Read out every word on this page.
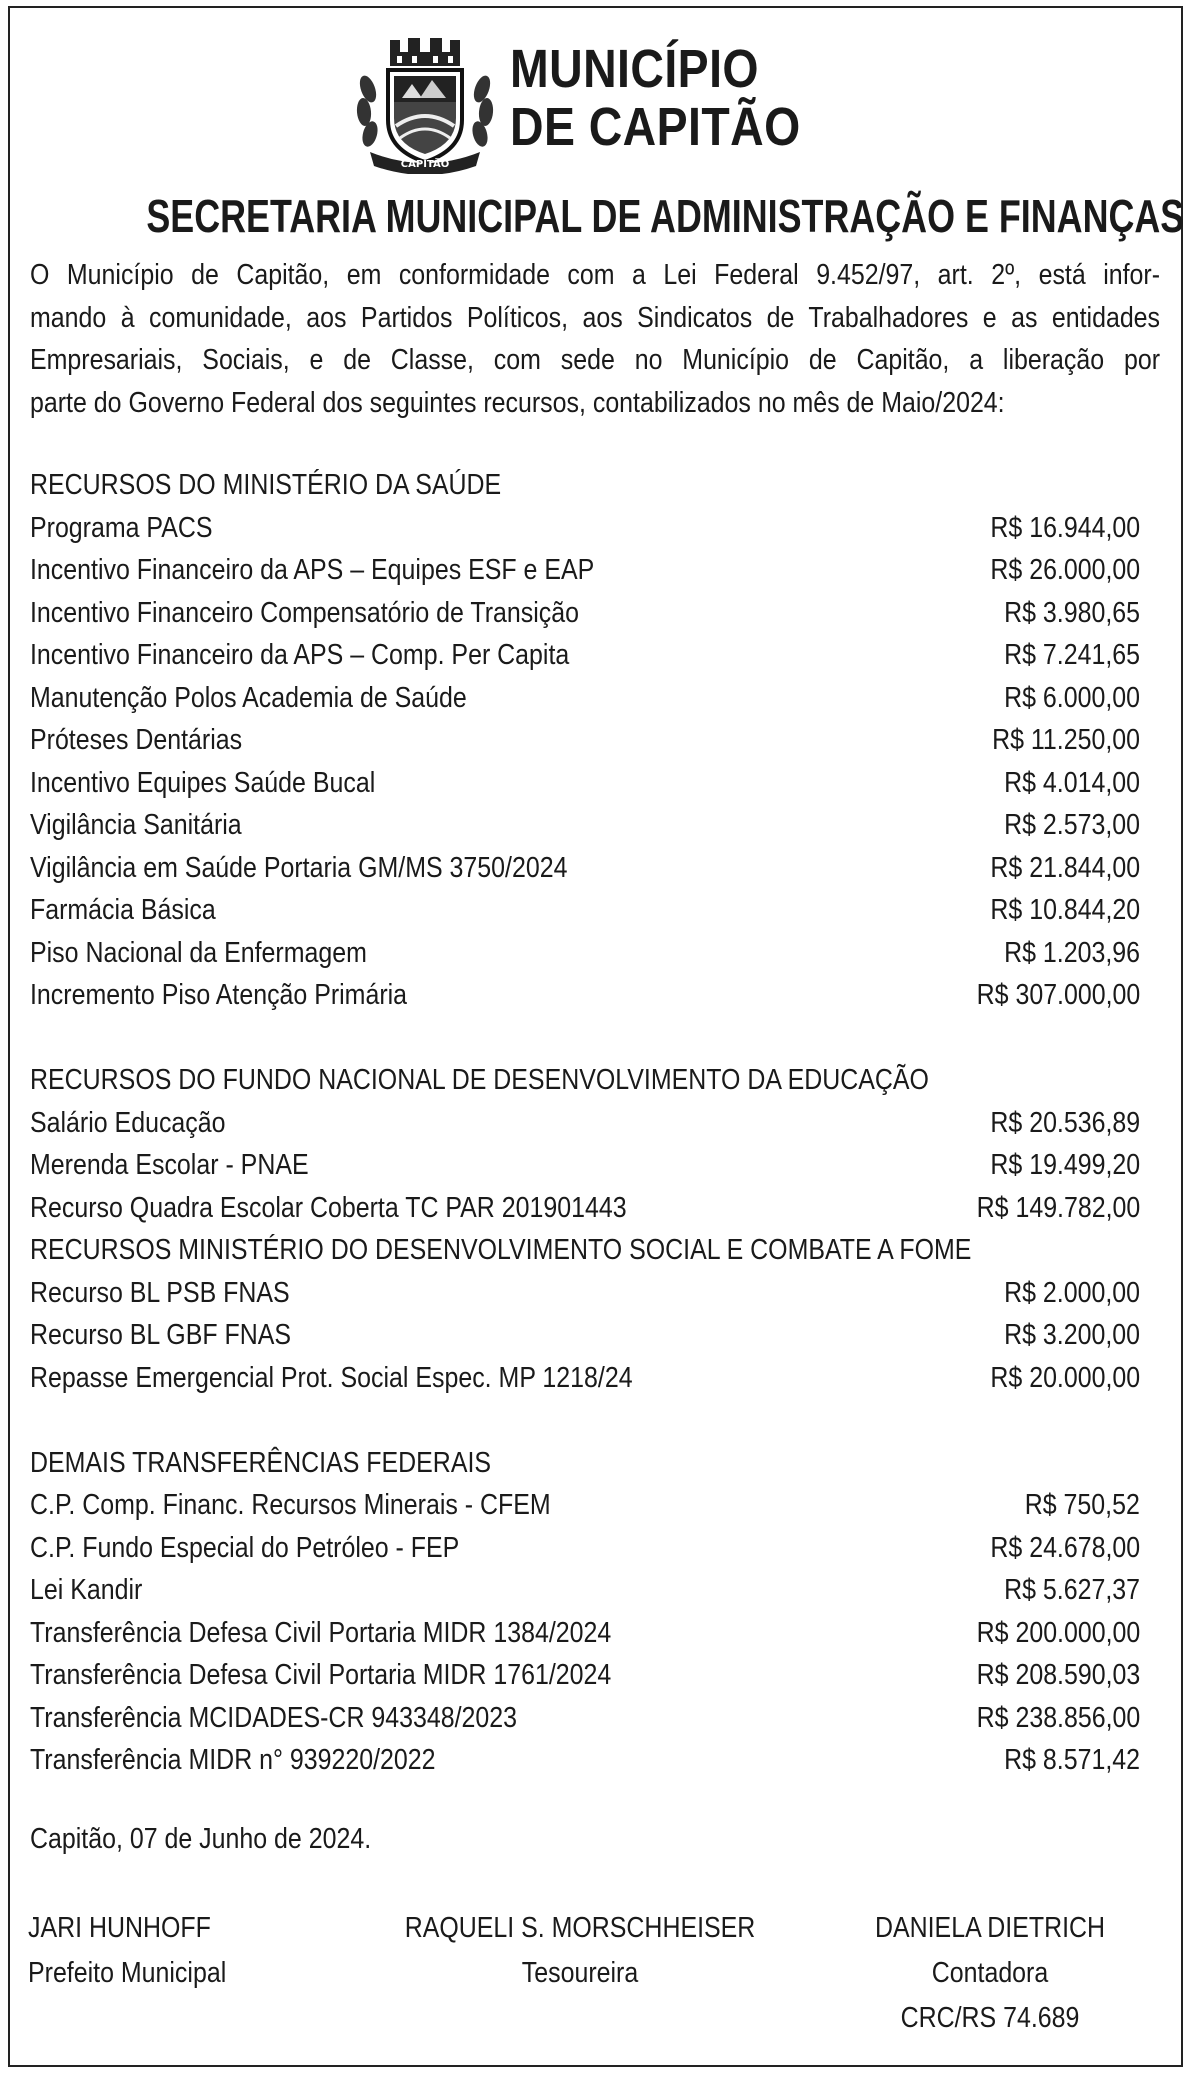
CAPITÃO
MUNICÍPIO
DE CAPITÃO
SECRETARIA MUNICIPAL DE ADMINISTRAÇÃO E FINANÇAS
O Município de Capitão, em conformidade com a Lei Federal 9.452/97, art. 2º, está infor-
mando à comunidade, aos Partidos Políticos, aos Sindicatos de Trabalhadores e as entidades
Empresariais, Sociais, e de Classe, com sede no Município de Capitão, a liberação por
parte do Governo Federal dos seguintes recursos, contabilizados no mês de Maio/2024:
RECURSOS DO MINISTÉRIO DA SAÚDE
Programa PACS	R$ 16.944,00
Incentivo Financeiro da APS – Equipes ESF e EAP	R$ 26.000,00
Incentivo Financeiro Compensatório de Transição	R$ 3.980,65
Incentivo Financeiro da APS – Comp. Per Capita	R$ 7.241,65
Manutenção Polos Academia de Saúde	R$ 6.000,00
Próteses Dentárias	R$ 11.250,00
Incentivo Equipes Saúde Bucal	R$ 4.014,00
Vigilância Sanitária	R$ 2.573,00
Vigilância em Saúde Portaria GM/MS 3750/2024	R$ 21.844,00
Farmácia Básica	R$ 10.844,20
Piso Nacional da Enfermagem	R$ 1.203,96
Incremento Piso Atenção Primária	R$ 307.000,00
RECURSOS DO FUNDO NACIONAL DE DESENVOLVIMENTO DA EDUCAÇÃO
Salário Educação	R$ 20.536,89
Merenda Escolar - PNAE	R$ 19.499,20
Recurso Quadra Escolar Coberta TC PAR 201901443	R$ 149.782,00
RECURSOS MINISTÉRIO DO DESENVOLVIMENTO SOCIAL E COMBATE A FOME
Recurso BL PSB FNAS	R$ 2.000,00
Recurso BL GBF FNAS	R$ 3.200,00
Repasse Emergencial Prot. Social Espec. MP 1218/24	R$ 20.000,00
DEMAIS TRANSFERÊNCIAS FEDERAIS
C.P. Comp. Financ. Recursos Minerais - CFEM	R$ 750,52
C.P. Fundo Especial do Petróleo - FEP	R$ 24.678,00
Lei Kandir	R$ 5.627,37
Transferência Defesa Civil Portaria MIDR 1384/2024	R$ 200.000,00
Transferência Defesa Civil Portaria MIDR 1761/2024	R$ 208.590,03
Transferência MCIDADES-CR 943348/2023	R$ 238.856,00
Transferência MIDR n° 939220/2022	R$ 8.571,42
Capitão, 07 de Junho de 2024.
JARI HUNHOFF
Prefeito Municipal
RAQUELI S. MORSCHHEISER
Tesoureira
DANIELA DIETRICH
Contadora
CRC/RS 74.689
